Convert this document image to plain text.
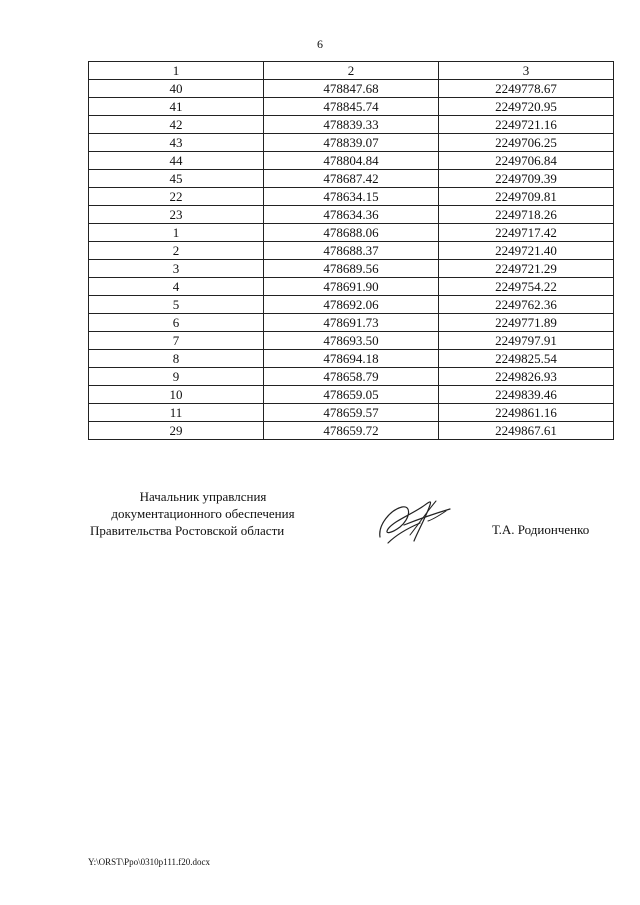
6
1	2	3
40	478847.68	2249778.67
41	478845.74	2249720.95
42	478839.33	2249721.16
43	478839.07	2249706.25
44	478804.84	2249706.84
45	478687.42	2249709.39
22	478634.15	2249709.81
23	478634.36	2249718.26
1	478688.06	2249717.42
2	478688.37	2249721.40
3	478689.56	2249721.29
4	478691.90	2249754.22
5	478692.06	2249762.36
6	478691.73	2249771.89
7	478693.50	2249797.91
8	478694.18	2249825.54
9	478658.79	2249826.93
10	478659.05	2249839.46
11	478659.57	2249861.16
29	478659.72	2249867.61
Начальник управлсния
документационного обеспечения
Правительства Ростовской области	Т.А. Родионченко
Y:\ORST\Ppo\0310p111.f20.docx
